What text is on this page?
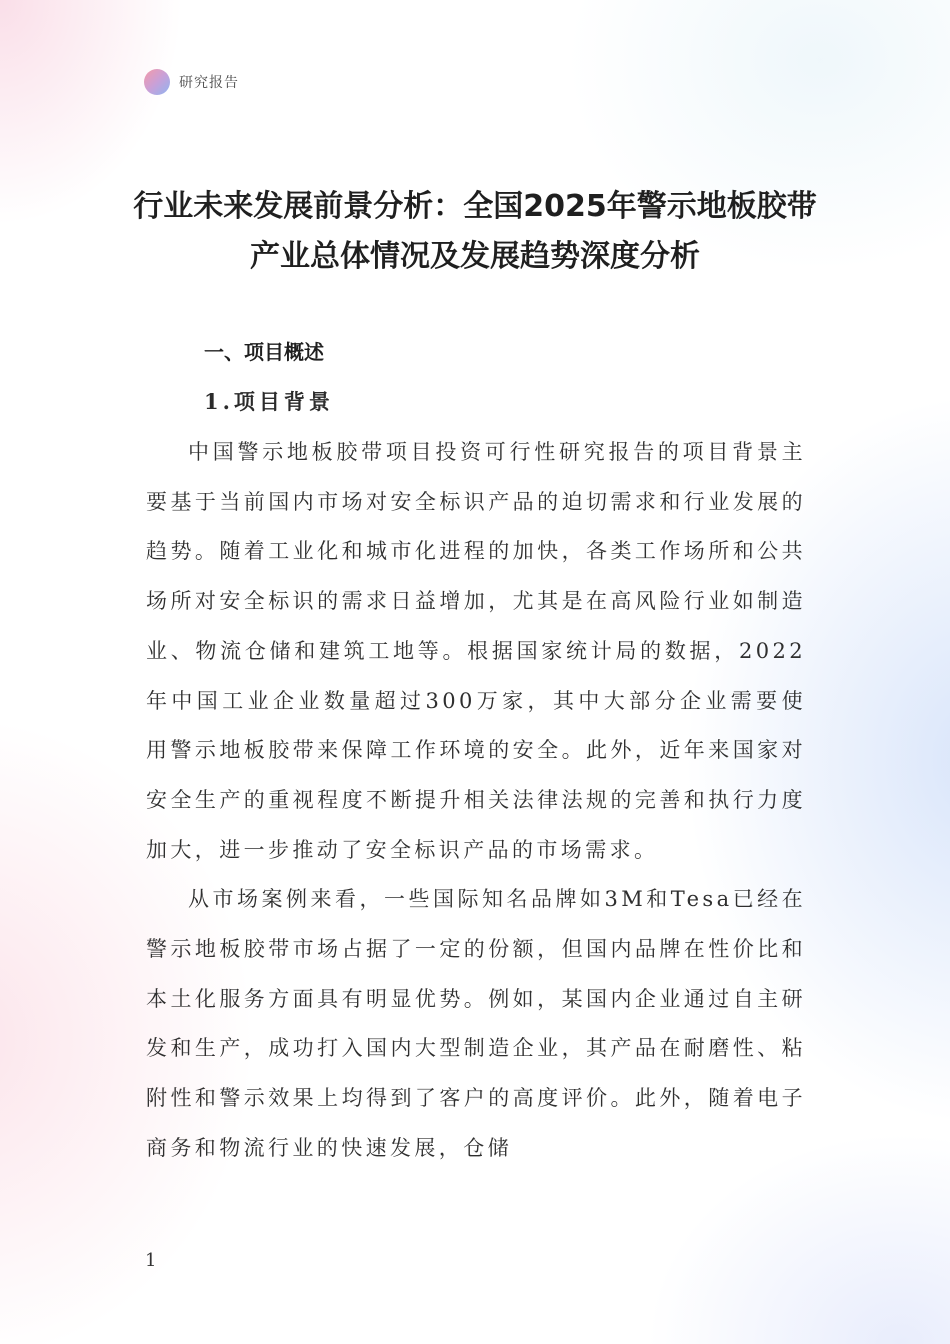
研究报告
行业未来发展前景分析：全国2025年警示地板胶带产业总体情况及发展趋势深度分析
一、项目概述
1.项目背景

中国警示地板胶带项目投资可行性研究报告的项目背景主要基于当前国内市场对安全标识产品的迫切需求和行业发展的趋势。随着工业化和城市化进程的加快，各类工作场所和公共场所对安全标识的需求日益增加，尤其是在高风险行业如制造业、物流仓储和建筑工地等。根据国家统计局的数据，2022年中国工业企业数量超过300万家，其中大部分企业需要使用警示地板胶带来保障工作环境的安全。此外，近年来国家对安全生产的重视程度不断提升相关法律法规的完善和执行力度加大，进一步推动了安全标识产品的市场需求。

从市场案例来看，一些国际知名品牌如3M和Tesa已经在警示地板胶带市场占据了一定的份额，但国内品牌在性价比和本土化服务方面具有明显优势。例如，某国内企业通过自主研发和生产，成功打入国内大型制造企业，其产品在耐磨性、粘附性和警示效果上均得到了客户的高度评价。此外，随着电子商务和物流行业的快速发展，仓储

1
